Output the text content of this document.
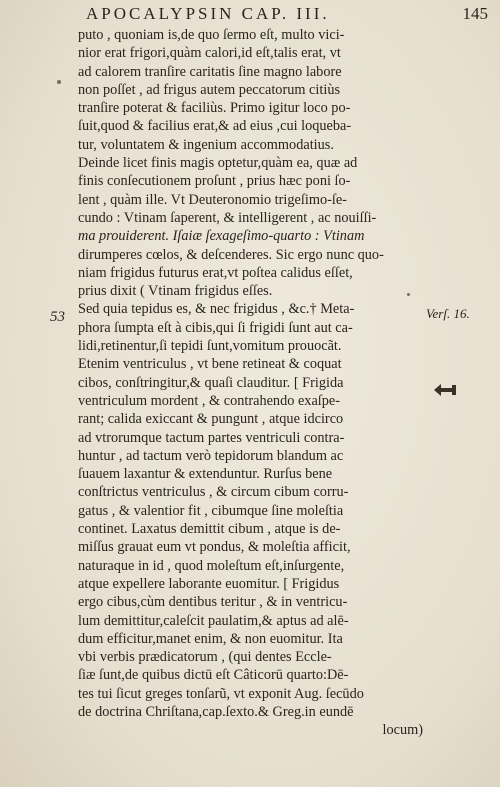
APOCALYPSIN CAP. III.	145
53	Verſ. 16.
puto , quoniam is,de quo ſermo eſt, multo vici-
nior erat frigori,quàm calori,id eſt,talis erat, vt
ad calorem tranſire caritatis ſine magno labore
non poſſet , ad frigus autem peccatorum citiùs
tranſire poterat & faciliùs. Primo igitur loco po-
ſuit,quod & facilius erat,& ad eius ,cui loqueba-
tur, voluntatem & ingenium accommodatius.
Deinde licet finis magis optetur,quàm ea, quæ ad
finis conſecutionem proſunt , prius hæc poni ſo-
lent , quàm ille. Vt Deuteronomio trigeſimo-ſe-
cundo : Vtinam ſaperent, & intelligerent , ac nouiſſi-
ma prouiderent. Iſaiæ ſexageſimo-quarto : Vtinam
dirumperes cœlos, & deſcenderes. Sic ergo nunc quo-
niam frigidus futurus erat,vt poſtea calidus eſſet,
prius dixit ( Vtinam frigidus eſſes.
Sed quia tepidus es, & nec frigidus , &c.† Meta-
phora ſumpta eſt à cibis,qui ſi frigidi ſunt aut ca-
lidi,retinentur,ſi tepidi ſunt,vomitum prouocãt.
Etenim ventriculus , vt bene retineat & coquat
cibos, conſtringitur,& quaſi clauditur. [ Frigida
ventriculum mordent , & contrahendo exaſpe-
rant; calida exiccant & pungunt , atque idcirco
ad vtrorumque tactum partes ventriculi contra-
huntur , ad tactum verò tepidorum blandum ac
ſuauem laxantur & extenduntur. Rurſus bene
conſtrictus ventriculus , & circum cibum corru-
gatus , & valentior fit , cibumque ſine moleſtia
continet. Laxatus demittit cibum , atque is de-
miſſus grauat eum vt pondus, & moleſtia afficit,
naturaque in id , quod moleſtum eſt,inſurgente,
atque expellere laborante euomitur. [ Frigidus
ergo cibus,cùm dentibus teritur , & in ventricu-
lum demittitur,caleſcit paulatim,& aptus ad alē-
dum efficitur,manet enim, & non euomitur. Ita
vbi verbis prædicatorum , (qui dentes Eccle-
ſiæ ſunt,de quibus dictū eſt Câticorū quarto:Dē-
tes tui ſicut greges tonſarũ, vt exponit Aug. ſecūdo
de doctrina Chriſtana,cap.ſexto.& Greg.in eundē
locum)
